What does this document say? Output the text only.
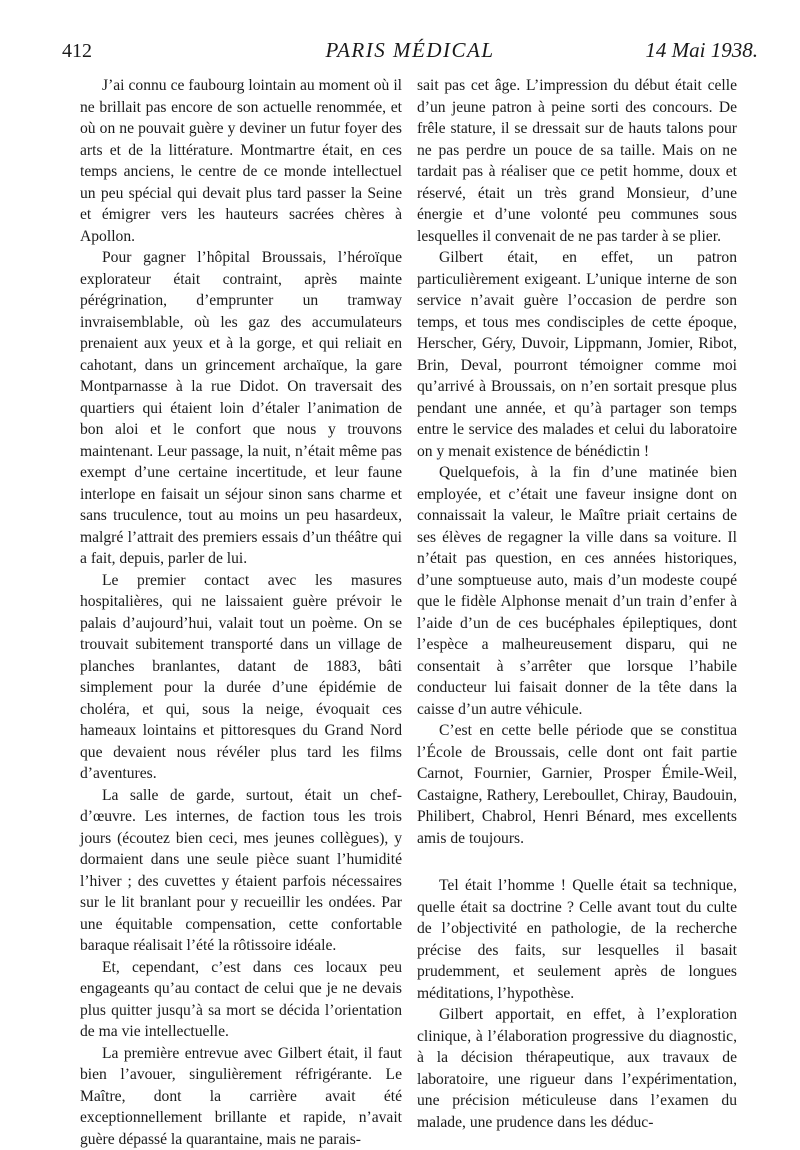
412	PARIS MÉDICAL	14 Mai 1938.

J’ai connu ce faubourg lointain au moment où il ne brillait pas encore de son actuelle renommée, et où on ne pouvait guère y deviner un futur foyer des arts et de la littérature. Montmartre était, en ces temps anciens, le centre de ce monde intellectuel un peu spécial qui devait plus tard passer la Seine et émigrer vers les hauteurs sacrées chères à Apollon.

Pour gagner l’hôpital Broussais, l’héroïque explorateur était contraint, après mainte pérégrination, d’emprunter un tramway invraisemblable, où les gaz des accumulateurs prenaient aux yeux et à la gorge, et qui reliait en cahotant, dans un grincement archaïque, la gare Montparnasse à la rue Didot. On traversait des quartiers qui étaient loin d’étaler l’animation de bon aloi et le confort que nous y trouvons maintenant. Leur passage, la nuit, n’était même pas exempt d’une certaine incertitude, et leur faune interlope en faisait un séjour sinon sans charme et sans truculence, tout au moins un peu hasardeux, malgré l’attrait des premiers essais d’un théâtre qui a fait, depuis, parler de lui.

Le premier contact avec les masures hospitalières, qui ne laissaient guère prévoir le palais d’aujourd’hui, valait tout un poème. On se trouvait subitement transporté dans un village de planches branlantes, datant de 1883, bâti simplement pour la durée d’une épidémie de choléra, et qui, sous la neige, évoquait ces hameaux lointains et pittoresques du Grand Nord que devaient nous révéler plus tard les films d’aventures.

La salle de garde, surtout, était un chef-d’œuvre. Les internes, de faction tous les trois jours (écoutez bien ceci, mes jeunes collègues), y dormaient dans une seule pièce suant l’humidité l’hiver ; des cuvettes y étaient parfois nécessaires sur le lit branlant pour y recueillir les ondées. Par une équitable compensation, cette confortable baraque réalisait l’été la rôtissoire idéale.

Et, cependant, c’est dans ces locaux peu engageants qu’au contact de celui que je ne devais plus quitter jusqu’à sa mort se décida l’orientation de ma vie intellectuelle.

La première entrevue avec Gilbert était, il faut bien l’avouer, singulièrement réfrigérante. Le Maître, dont la carrière avait été exceptionnellement brillante et rapide, n’avait guère dépassé la quarantaine, mais ne parais-

sait pas cet âge. L’impression du début était celle d’un jeune patron à peine sorti des concours. De frêle stature, il se dressait sur de hauts talons pour ne pas perdre un pouce de sa taille. Mais on ne tardait pas à réaliser que ce petit homme, doux et réservé, était un très grand Monsieur, d’une énergie et d’une volonté peu communes sous lesquelles il convenait de ne pas tarder à se plier.

Gilbert était, en effet, un patron particulièrement exigeant. L’unique interne de son service n’avait guère l’occasion de perdre son temps, et tous mes condisciples de cette époque, Herscher, Géry, Duvoir, Lippmann, Jomier, Ribot, Brin, Deval, pourront témoigner comme moi qu’arrivé à Broussais, on n’en sortait presque plus pendant une année, et qu’à partager son temps entre le service des malades et celui du laboratoire on y menait existence de bénédictin !

Quelquefois, à la fin d’une matinée bien employée, et c’était une faveur insigne dont on connaissait la valeur, le Maître priait certains de ses élèves de regagner la ville dans sa voiture. Il n’était pas question, en ces années historiques, d’une somptueuse auto, mais d’un modeste coupé que le fidèle Alphonse menait d’un train d’enfer à l’aide d’un de ces bucéphales épileptiques, dont l’espèce a malheureusement disparu, qui ne consentait à s’arrêter que lorsque l’habile conducteur lui faisait donner de la tête dans la caisse d’un autre véhicule.

C’est en cette belle période que se constitua l’École de Broussais, celle dont ont fait partie Carnot, Fournier, Garnier, Prosper Émile-Weil, Castaigne, Rathery, Lereboullet, Chiray, Baudouin, Philibert, Chabrol, Henri Bénard, mes excellents amis de toujours.

Tel était l’homme ! Quelle était sa technique, quelle était sa doctrine ? Celle avant tout du culte de l’objectivité en pathologie, de la recherche précise des faits, sur lesquelles il basait prudemment, et seulement après de longues méditations, l’hypothèse.

Gilbert apportait, en effet, à l’exploration clinique, à l’élaboration progressive du diagnostic, à la décision thérapeutique, aux travaux de laboratoire, une rigueur dans l’expérimentation, une précision méticuleuse dans l’examen du malade, une prudence dans les déduc-
